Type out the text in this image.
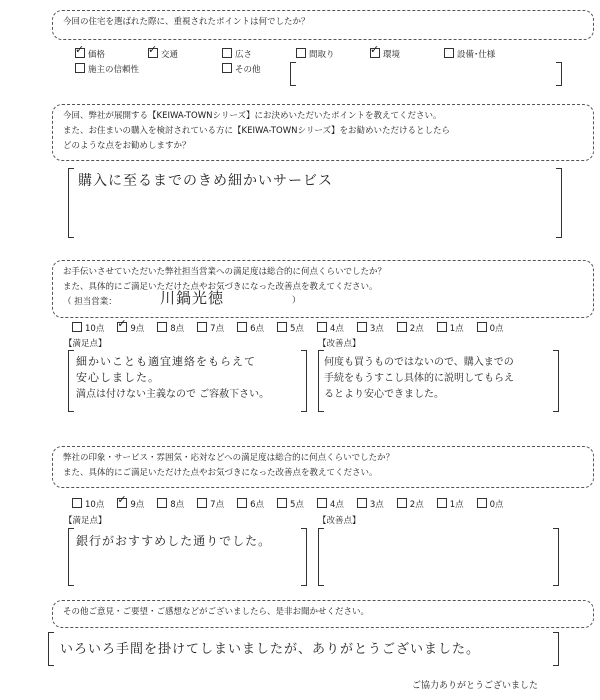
今回の住宅を選ばれた際に、重視されたポイントは何でしたか？
✓価格 ✓	交通	広さ	間取り ✓	環境	設備･仕様
施主の信頼性	その他
今回、弊社が展開する【KEIWA-TOWNシリーズ】にお決めいただいたポイントを教えてください。
また、お住まいの購入を検討されている方に【KEIWA-TOWNシリーズ】をお勧めいただけるとしたら
どのような点をお勧めしますか？
購入に至るまでのきめ細かいサービス
お手伝いさせていただいた弊社担当営業への満足度は総合的に何点くらいでしたか？
また、具体的にご満足いただけた点やお気づきになった改善点を教えてください。
（ 担当営業：	川鍋光徳	）
10点 ✓	9点	8点	7点	6点	5点	4点	3点	2点	1点	0点
【満足点】
細かいことも適宜連絡をもらえて
安心しました。
満点は付けない主義なので ご容赦下さい。
【改善点】
何度も買うものではないので、購入までの
手続をもうすこし具体的に説明してもらえ
るとより安心できました。
弊社の印象・サービス・雰囲気・応対などへの満足度は総合的に何点くらいでしたか？
また、具体的にご満足いただけた点やお気づきになった改善点を教えてください。
10点 ✓	9点	8点	7点	6点	5点	4点	3点	2点	1点	0点
【満足点】
銀行がおすすめした通りでした。
【改善点】
その他ご意見・ご要望・ご感想などがございましたら、是非お聞かせください。
いろいろ手間を掛けてしまいましたが、ありがとうございました。
ご協力ありがとうございました
